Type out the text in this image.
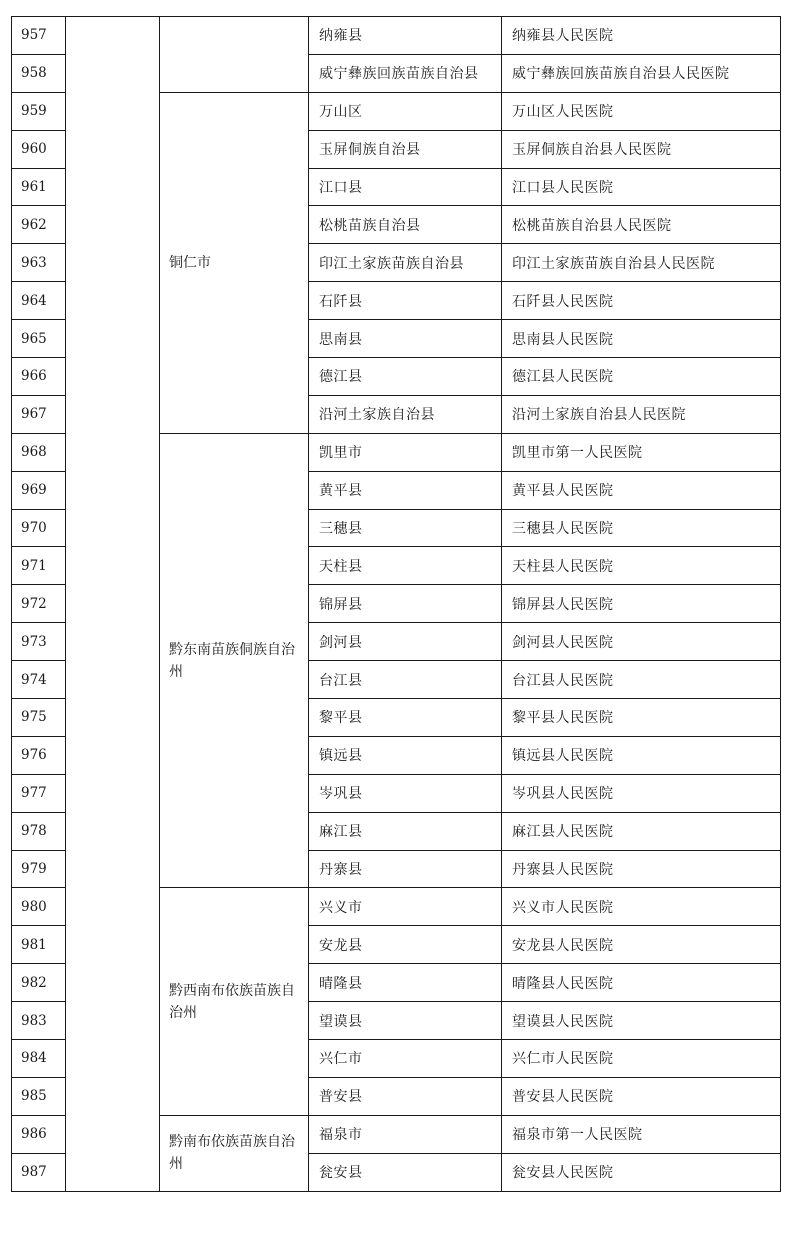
957			纳雍县	纳雍县人民医院
958			威宁彝族回族苗族自治县	威宁彝族回族苗族自治县人民医院
959		铜仁市	万山区	万山区人民医院
960			玉屏侗族自治县	玉屏侗族自治县人民医院
961			江口县	江口县人民医院
962			松桃苗族自治县	松桃苗族自治县人民医院
963			印江土家族苗族自治县	印江土家族苗族自治县人民医院
964			石阡县	石阡县人民医院
965			思南县	思南县人民医院
966			德江县	德江县人民医院
967			沿河土家族自治县	沿河土家族自治县人民医院
968		黔东南苗族侗族自治州	凯里市	凯里市第一人民医院
969			黄平县	黄平县人民医院
970			三穗县	三穗县人民医院
971			天柱县	天柱县人民医院
972			锦屏县	锦屏县人民医院
973			剑河县	剑河县人民医院
974			台江县	台江县人民医院
975			黎平县	黎平县人民医院
976			镇远县	镇远县人民医院
977			岑巩县	岑巩县人民医院
978			麻江县	麻江县人民医院
979			丹寨县	丹寨县人民医院
980		黔西南布依族苗族自治州	兴义市	兴义市人民医院
981			安龙县	安龙县人民医院
982			晴隆县	晴隆县人民医院
983			望谟县	望谟县人民医院
984			兴仁市	兴仁市人民医院
985			普安县	普安县人民医院
986		黔南布依族苗族自治州	福泉市	福泉市第一人民医院
987			瓮安县	瓮安县人民医院
